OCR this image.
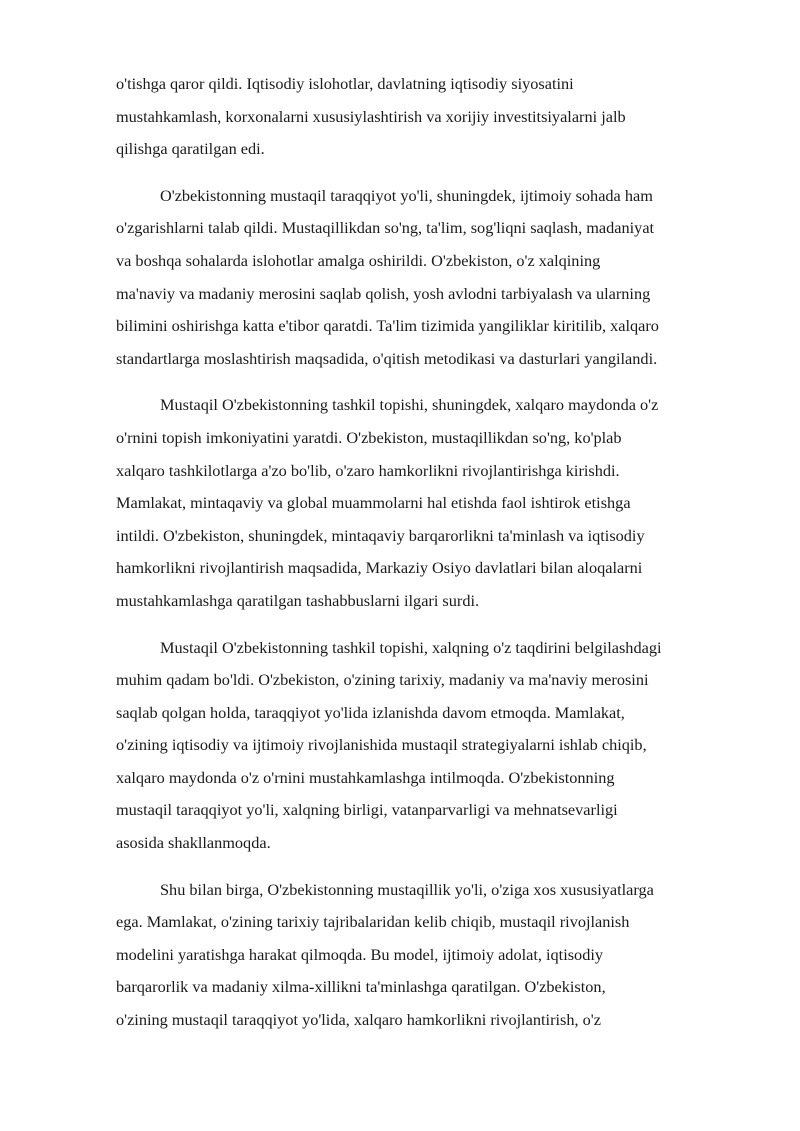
o'tishga qaror qildi. Iqtisodiy islohotlar, davlatning iqtisodiy siyosatini
mustahkamlash, korxonalarni xususiylashtirish va xorijiy investitsiyalarni jalb
qilishga qaratilgan edi.

O'zbekistonning mustaqil taraqqiyot yo'li, shuningdek, ijtimoiy sohada ham
o'zgarishlarni talab qildi. Mustaqillikdan so'ng, ta'lim, sog'liqni saqlash, madaniyat
va boshqa sohalarda islohotlar amalga oshirildi. O'zbekiston, o'z xalqining
ma'naviy va madaniy merosini saqlab qolish, yosh avlodni tarbiyalash va ularning
bilimini oshirishga katta e'tibor qaratdi. Ta'lim tizimida yangiliklar kiritilib, xalqaro
standartlarga moslashtirish maqsadida, o'qitish metodikasi va dasturlari yangilandi.

Mustaqil O'zbekistonning tashkil topishi, shuningdek, xalqaro maydonda o'z
o'rnini topish imkoniyatini yaratdi. O'zbekiston, mustaqillikdan so'ng, ko'plab
xalqaro tashkilotlarga a'zo bo'lib, o'zaro hamkorlikni rivojlantirishga kirishdi.
Mamlakat, mintaqaviy va global muammolarni hal etishda faol ishtirok etishga
intildi. O'zbekiston, shuningdek, mintaqaviy barqarorlikni ta'minlash va iqtisodiy
hamkorlikni rivojlantirish maqsadida, Markaziy Osiyo davlatlari bilan aloqalarni
mustahkamlashga qaratilgan tashabbuslarni ilgari surdi.

Mustaqil O'zbekistonning tashkil topishi, xalqning o'z taqdirini belgilashdagi
muhim qadam bo'ldi. O'zbekiston, o'zining tarixiy, madaniy va ma'naviy merosini
saqlab qolgan holda, taraqqiyot yo'lida izlanishda davom etmoqda. Mamlakat,
o'zining iqtisodiy va ijtimoiy rivojlanishida mustaqil strategiyalarni ishlab chiqib,
xalqaro maydonda o'z o'rnini mustahkamlashga intilmoqda. O'zbekistonning
mustaqil taraqqiyot yo'li, xalqning birligi, vatanparvarligi va mehnatsevarligi
asosida shakllanmoqda.

Shu bilan birga, O'zbekistonning mustaqillik yo'li, o'ziga xos xususiyatlarga
ega. Mamlakat, o'zining tarixiy tajribalaridan kelib chiqib, mustaqil rivojlanish
modelini yaratishga harakat qilmoqda. Bu model, ijtimoiy adolat, iqtisodiy
barqarorlik va madaniy xilma-xillikni ta'minlashga qaratilgan. O'zbekiston,
o'zining mustaqil taraqqiyot yo'lida, xalqaro hamkorlikni rivojlantirish, o'z
